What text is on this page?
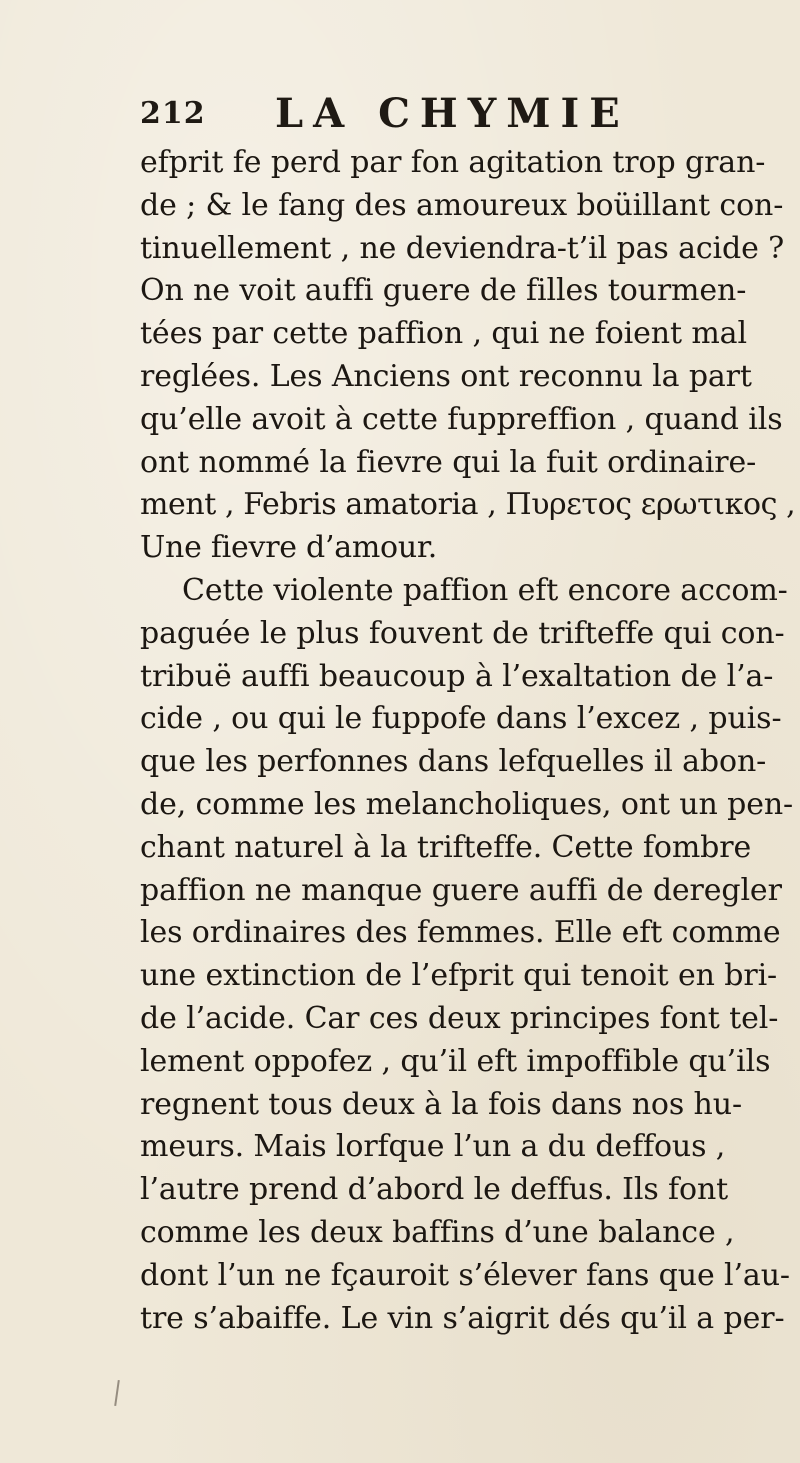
212 LA CHYMIE
efprit fe perd par fon agitation trop gran-
de ; & le fang des amoureux boüillant con-
tinuellement , ne deviendra-t’il pas acide ?
On ne voit auffi guere de filles tourmen-
tées par cette paffion , qui ne foient mal
reglées. Les Anciens ont reconnu la part
qu’elle avoit à cette fuppreffion , quand ils
ont nommé la fievre qui la fuit ordinaire-
ment , Febris amatoria , Πυρετος ερωτικος ,
Une fievre d’amour.
Cette violente paffion eft encore accom-
paguée le plus fouvent de trifteffe qui con-
tribuë auffi beaucoup à l’exaltation de l’a-
cide , ou qui le fuppofe dans l’excez , puis-
que les perfonnes dans lefquelles il abon-
de, comme les melancholiques, ont un pen-
chant naturel à la trifteffe. Cette fombre
paffion ne manque guere auffi de deregler
les ordinaires des femmes. Elle eft comme
une extinction de l’efprit qui tenoit en bri-
de l’acide. Car ces deux principes font tel-
lement oppofez , qu’il eft impoffible qu’ils
regnent tous deux à la fois dans nos hu-
meurs. Mais lorfque l’un a du deffous ,
l’autre prend d’abord le deffus. Ils font
comme les deux baffins d’une balance ,
dont l’un ne fçauroit s’élever fans que l’au-
tre s’abaiffe. Le vin s’aigrit dés qu’il a per-
